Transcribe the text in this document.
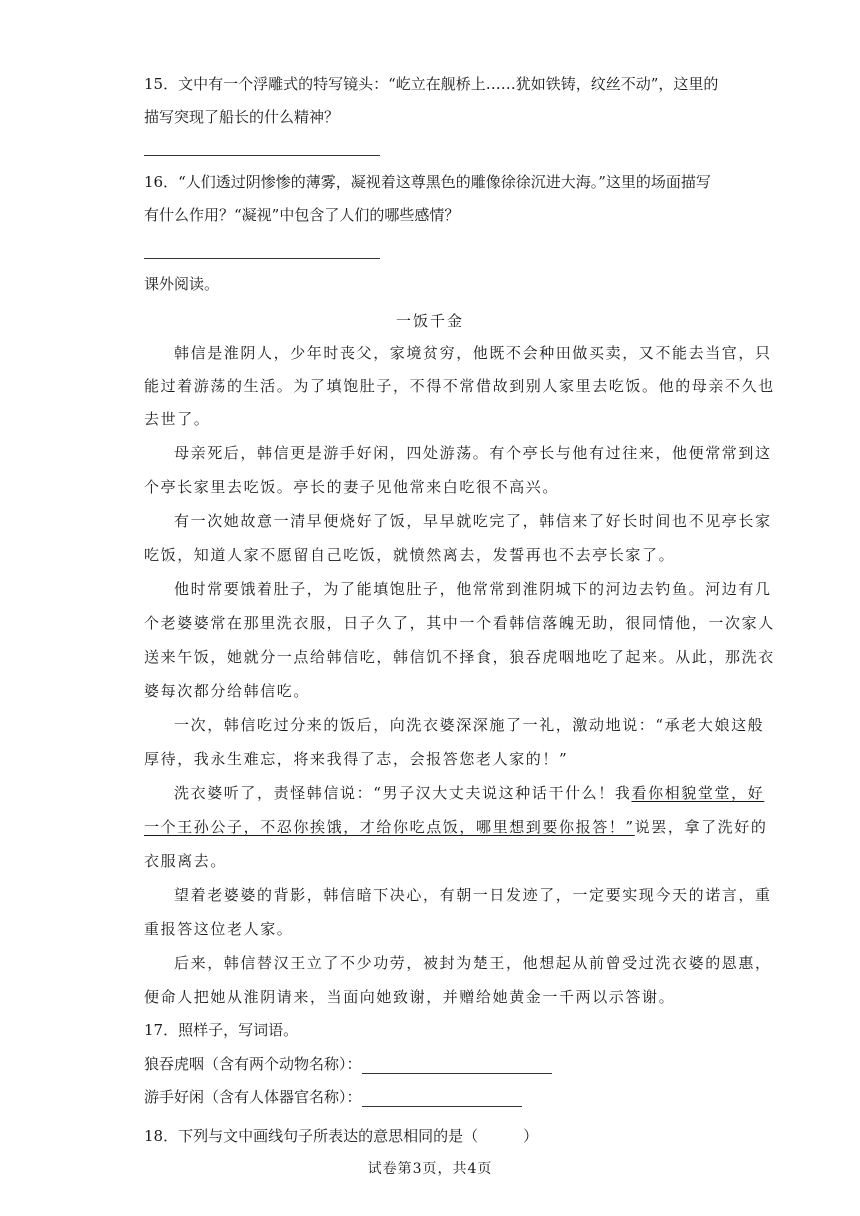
15．文中有一个浮雕式的特写镜头：“屹立在舰桥上……犹如铁铸，纹丝不动”，这里的
描写突现了船长的什么精神？
16．“人们透过阴惨惨的薄雾，凝视着这尊黑色的雕像徐徐沉进大海。”这里的场面描写
有什么作用？“凝视”中包含了人们的哪些感情？
课外阅读。
一饭千金
韩信是淮阴人，少年时丧父，家境贫穷，他既不会种田做买卖，又不能去当官，只
能过着游荡的生活。为了填饱肚子，不得不常借故到别人家里去吃饭。他的母亲不久也
去世了。
母亲死后，韩信更是游手好闲，四处游荡。有个亭长与他有过往来，他便常常到这
个亭长家里去吃饭。亭长的妻子见他常来白吃很不高兴。
有一次她故意一清早便烧好了饭，早早就吃完了，韩信来了好长时间也不见亭长家
吃饭，知道人家不愿留自己吃饭，就愤然离去，发誓再也不去亭长家了。
他时常要饿着肚子，为了能填饱肚子，他常常到淮阴城下的河边去钓鱼。河边有几
个老婆婆常在那里洗衣服，日子久了，其中一个看韩信落魄无助，很同情他，一次家人
送来午饭，她就分一点给韩信吃，韩信饥不择食，狼吞虎咽地吃了起来。从此，那洗衣
婆每次都分给韩信吃。
一次，韩信吃过分来的饭后，向洗衣婆深深施了一礼，激动地说：“承老大娘这般
厚待，我永生难忘，将来我得了志，会报答您老人家的！”
洗衣婆听了，责怪韩信说：“男子汉大丈夫说这种话干什么！我看你相貌堂堂，好
一个王孙公子，不忍你挨饿，才给你吃点饭，哪里想到要你报答！”说罢，拿了洗好的
衣服离去。
望着老婆婆的背影，韩信暗下决心，有朝一日发迹了，一定要实现今天的诺言，重
重报答这位老人家。
后来，韩信替汉王立了不少功劳，被封为楚王，他想起从前曾受过洗衣婆的恩惠，
便命人把她从淮阴请来，当面向她致谢，并赠给她黄金一千两以示答谢。
17．照样子，写词语。
狼吞虎咽（含有两个动物名称）：
游手好闲（含有人体器官名称）：
18．下列与文中画线句子所表达的意思相同的是（　　　）
试卷第3页，共4页
